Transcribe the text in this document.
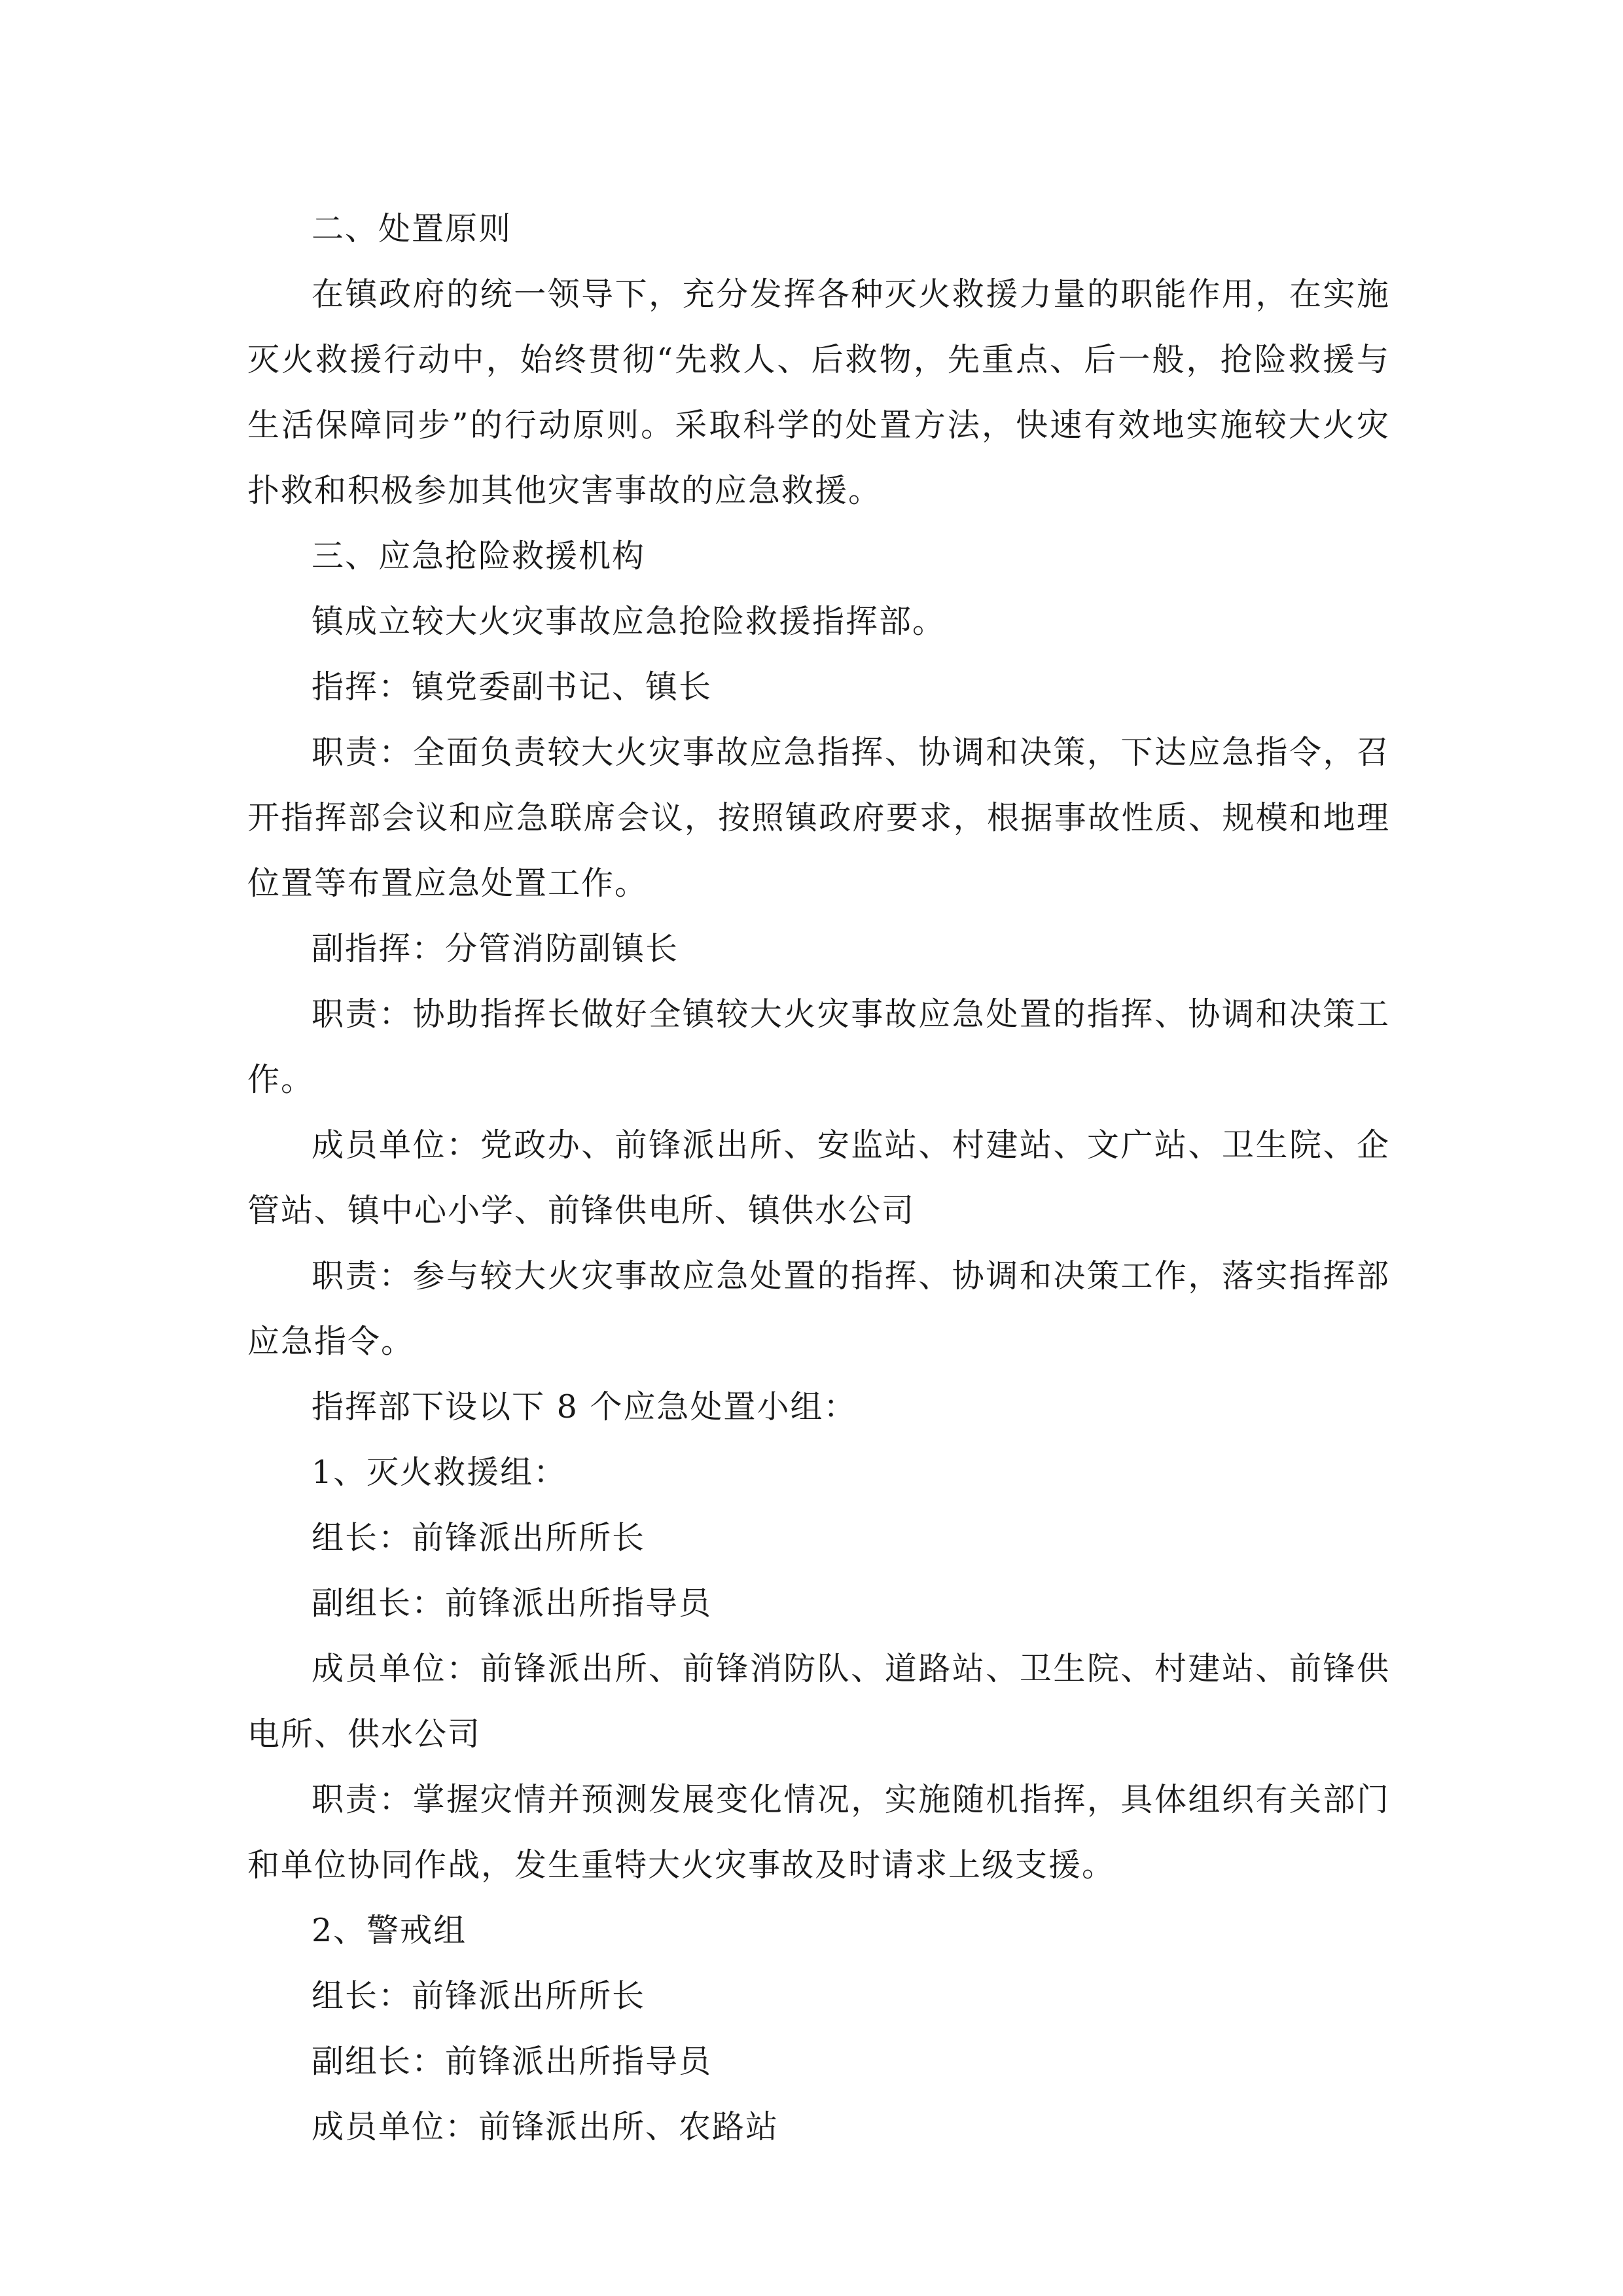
二、处置原则

在镇政府的统一领导下，充分发挥各种灭火救援力量的职能作用，在实施灭火救援行动中，始终贯彻“先救人、后救物，先重点、后一般，抢险救援与生活保障同步”的行动原则。采取科学的处置方法，快速有效地实施较大火灾扑救和积极参加其他灾害事故的应急救援。

三、应急抢险救援机构

镇成立较大火灾事故应急抢险救援指挥部。

指挥：镇党委副书记、镇长

职责：全面负责较大火灾事故应急指挥、协调和决策，下达应急指令，召开指挥部会议和应急联席会议，按照镇政府要求，根据事故性质、规模和地理位置等布置应急处置工作。

副指挥：分管消防副镇长

职责：协助指挥长做好全镇较大火灾事故应急处置的指挥、协调和决策工作。

成员单位：党政办、前锋派出所、安监站、村建站、文广站、卫生院、企管站、镇中心小学、前锋供电所、镇供水公司

职责：参与较大火灾事故应急处置的指挥、协调和决策工作，落实指挥部应急指令。

指挥部下设以下 8 个应急处置小组：

1、灭火救援组：

组长：前锋派出所所长

副组长：前锋派出所指导员

成员单位：前锋派出所、前锋消防队、道路站、卫生院、村建站、前锋供电所、供水公司

职责：掌握灾情并预测发展变化情况，实施随机指挥，具体组织有关部门和单位协同作战，发生重特大火灾事故及时请求上级支援。

2、警戒组

组长：前锋派出所所长

副组长：前锋派出所指导员

成员单位：前锋派出所、农路站
